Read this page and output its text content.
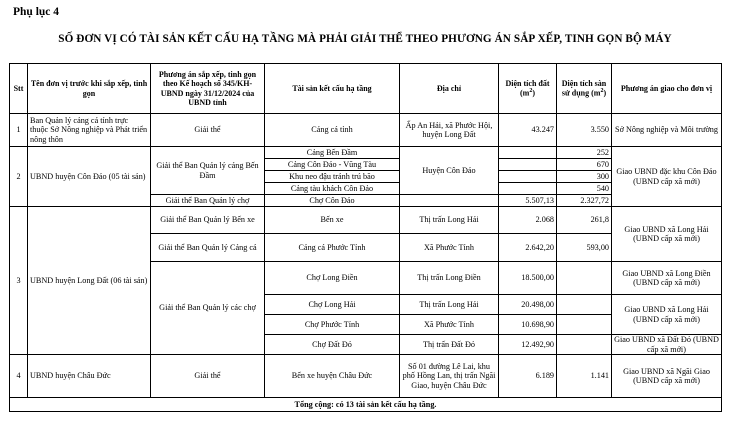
Phụ lục 4
SỐ ĐƠN VỊ CÓ TÀI SẢN KẾT CẤU HẠ TẦNG MÀ PHẢI GIẢI THỂ THEO PHƯƠNG ÁN SẮP XẾP, TINH GỌN BỘ MÁY
Stt	Tên đơn vị trước khi sắp xếp, tinh gọn	Phương án sắp xếp, tinh gọn theo Kế hoạch số 345/KH-UBND ngày 31/12/2024 của UBND tỉnh	Tài sản kết cấu hạ tầng	Địa chỉ	Diện tích đất $(m^2)$	Diện tích sàn sử dụng $(m^2)$	Phương án giao cho đơn vị
1	Ban Quản lý cảng cá tỉnh trực thuộc Sở Nông nghiệp và Phát triển nông thôn	Giải thể	Cảng cá tỉnh	Ấp An Hải, xã Phước Hội, huyện Long Đất	43.247	3.550	Sở Nông nghiệp và Môi trường
2	UBND huyện Côn Đảo (05 tài sản)	Giải thể Ban Quản lý cảng Bến Đầm	Cảng Bến Đầm	Huyện Côn Đảo		252	Giao UBND đặc khu Côn Đảo (UBND cấp xã mới)
			Cảng Côn Đảo - Vũng Tàu			670	
			Khu neo đậu tránh trú bão			300	
			Cảng tàu khách Côn Đảo			540	
		Giải thể Ban Quản lý chợ	Chợ Côn Đảo		5.507,13	2.327,72	
3	UBND huyện Long Đất (06 tài sản)	Giải thể Ban Quản lý Bến xe	Bến xe	Thị trấn Long Hải	2.068	261,8	Giao UBND xã Long Hải (UBND cấp xã mới)
		Giải thể Ban Quản lý Cảng cá	Cảng cá Phước Tỉnh	Xã Phước Tỉnh	2.642,20	593,00	
		Giải thể Ban Quản lý các chợ	Chợ Long Điền	Thị trấn Long Điền	18.500,00		Giao UBND xã Long Điền (UBND cấp xã mới)
			Chợ Long Hải	Thị trấn Long Hải	20.498,00		Giao UBND xã Long Hải (UBND cấp xã mới)
			Chợ Phước Tỉnh	Xã Phước Tỉnh	10.698,90		
			Chợ Đất Đỏ	Thị trấn Đất Đỏ	12.492,90		Giao UBND xã Đất Đỏ (UBND cấp xã mới)
4	UBND huyện Châu Đức	Giải thể	Bến xe huyện Châu Đức	Số 01 đường Lê Lai, khu phố Hồng Lan, thị trấn Ngãi Giao, huyện Châu Đức	6.189	1.141	Giao UBND xã Ngãi Giao (UBND cấp xã mới)
Tổng cộng: có 13 tài sản kết cấu hạ tầng.							
